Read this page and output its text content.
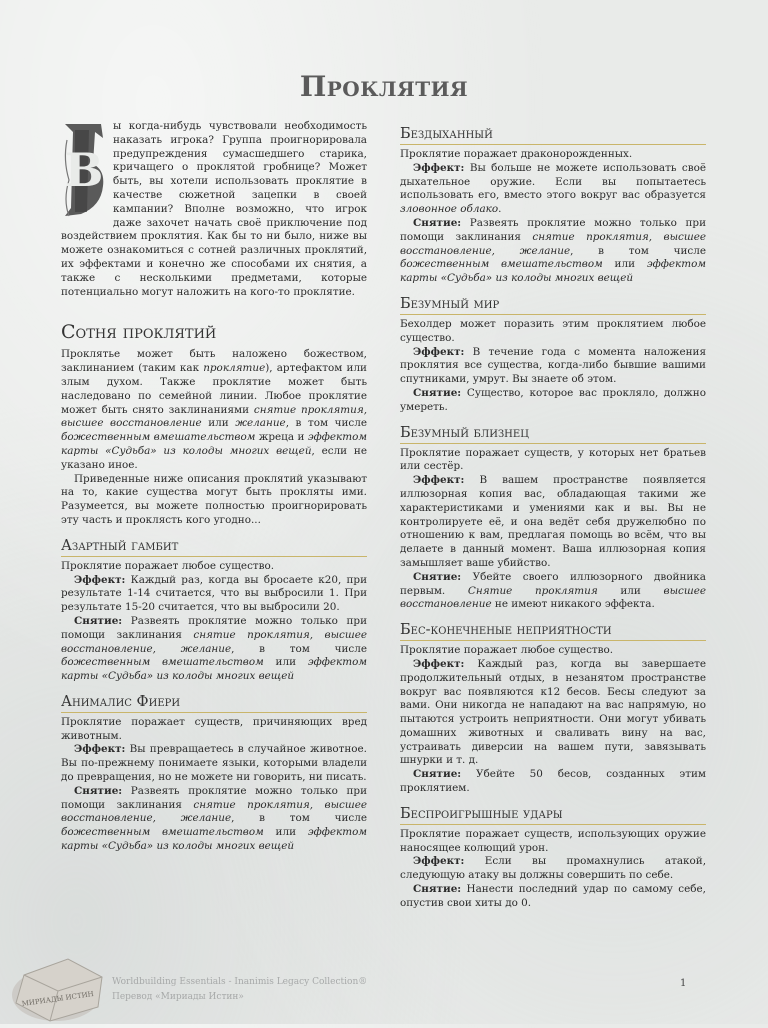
Проклятия
В

ы когда-нибудь чувствовали необходимость наказать игрока? Группа проигнорировала предупреждения сумасшедшего старика, кричащего о проклятой гробнице? Может быть, вы хотели использовать проклятие в качестве сюжетной зацепки в своей кампании? Вполне возможно, что игрок даже захочет начать своё приключение под воздействием проклятия. Как бы то ни было, ниже вы можете ознакомиться с сотней различных проклятий, их эффектами и конечно же способами их снятия, а также с несколькими предметами, которые потенциально могут наложить на кого-то проклятие.

Сотня проклятий

Проклятье может быть наложено божеством, заклинанием (таким как проклятие), артефактом или злым духом. Также проклятие может быть наследовано по семейной линии. Любое проклятие может быть снято заклинаниями снятие проклятия, высшее восстановление или желание, в том числе божественным вмешательством жреца и эффектом карты «Судьба» из колоды многих вещей, если не указано иное.

Приведенные ниже описания проклятий указывают на то, какие существа могут быть прокляты ими. Разумеется, вы можете полностью проигнорировать эту часть и проклясть кого угодно...

Азартный гамбит

Проклятие поражает любое существо.

Эффект: Каждый раз, когда вы бросаете к20, при результате 1-14 считается, что вы выбросили 1. При результате 15-20 считается, что вы выбросили 20.

Снятие: Развеять проклятие можно только при помощи заклинания снятие проклятия, высшее восстановление, желание, в том числе божественным вмешательством или эффектом карты «Судьба» из колоды многих вещей

Анималис Фиери

Проклятие поражает существ, причиняющих вред животным.

Эффект: Вы превращаетесь в случайное животное. Вы по-прежнему понимаете языки, которыми владели до превращения, но не можете ни говорить, ни писать.

Снятие: Развеять проклятие можно только при помощи заклинания снятие проклятия, высшее восстановление, желание, в том числе божественным вмешательством или эффектом карты «Судьба» из колоды многих вещей

Бездыханный

Проклятие поражает драконорожденных.

Эффект: Вы больше не можете использовать своё дыхательное оружие. Если вы попытаетесь использовать его, вместо этого вокруг вас образуется зловонное облако.

Снятие: Развеять проклятие можно только при помощи заклинания снятие проклятия, высшее восстановление, желание, в том числе божественным вмешательством или эффектом карты «Судьба» из колоды многих вещей

Безумный мир

Бехолдер может поразить этим проклятием любое существо.

Эффект: В течение года с момента наложения проклятия все существа, когда-либо бывшие вашими спутниками, умрут. Вы знаете об этом.

Снятие: Существо, которое вас прокляло, должно умереть.

Безумный близнец

Проклятие поражает существ, у которых нет братьев или сестёр.

Эффект: В вашем пространстве появляется иллюзорная копия вас, обладающая такими же характеристиками и умениями как и вы. Вы не контролируете её, и она ведёт себя дружелюбно по отношению к вам, предлагая помощь во всём, что вы делаете в данный момент. Ваша иллюзорная копия замышляет ваше убийство.

Снятие: Убейте своего иллюзорного двойника первым. Снятие проклятия или высшее восстановление не имеют никакого эффекта.

Бес-конечненые неприятности

Проклятие поражает любое существо.

Эффект: Каждый раз, когда вы завершаете продолжительный отдых, в незанятом пространстве вокруг вас появляются к12 бесов. Бесы следуют за вами. Они никогда не нападают на вас напрямую, но пытаются устроить неприятности. Они могут убивать домашних животных и сваливать вину на вас, устраивать диверсии на вашем пути, завязывать шнурки и т. д.

Снятие: Убейте 50 бесов, созданных этим проклятием.

Беспроигрышные удары

Проклятие поражает существ, использующих оружие наносящее колющий урон.

Эффект: Если вы промахнулись атакой, следующую атаку вы должны совершить по себе.

Снятие: Нанести последний удар по самому себе, опустив свои хиты до 0.

МИРИАДЫ ИСТИН
Worldbuilding Essentials - Inanimis Legacy Collection®
Перевод «Мириады Истин»
1
